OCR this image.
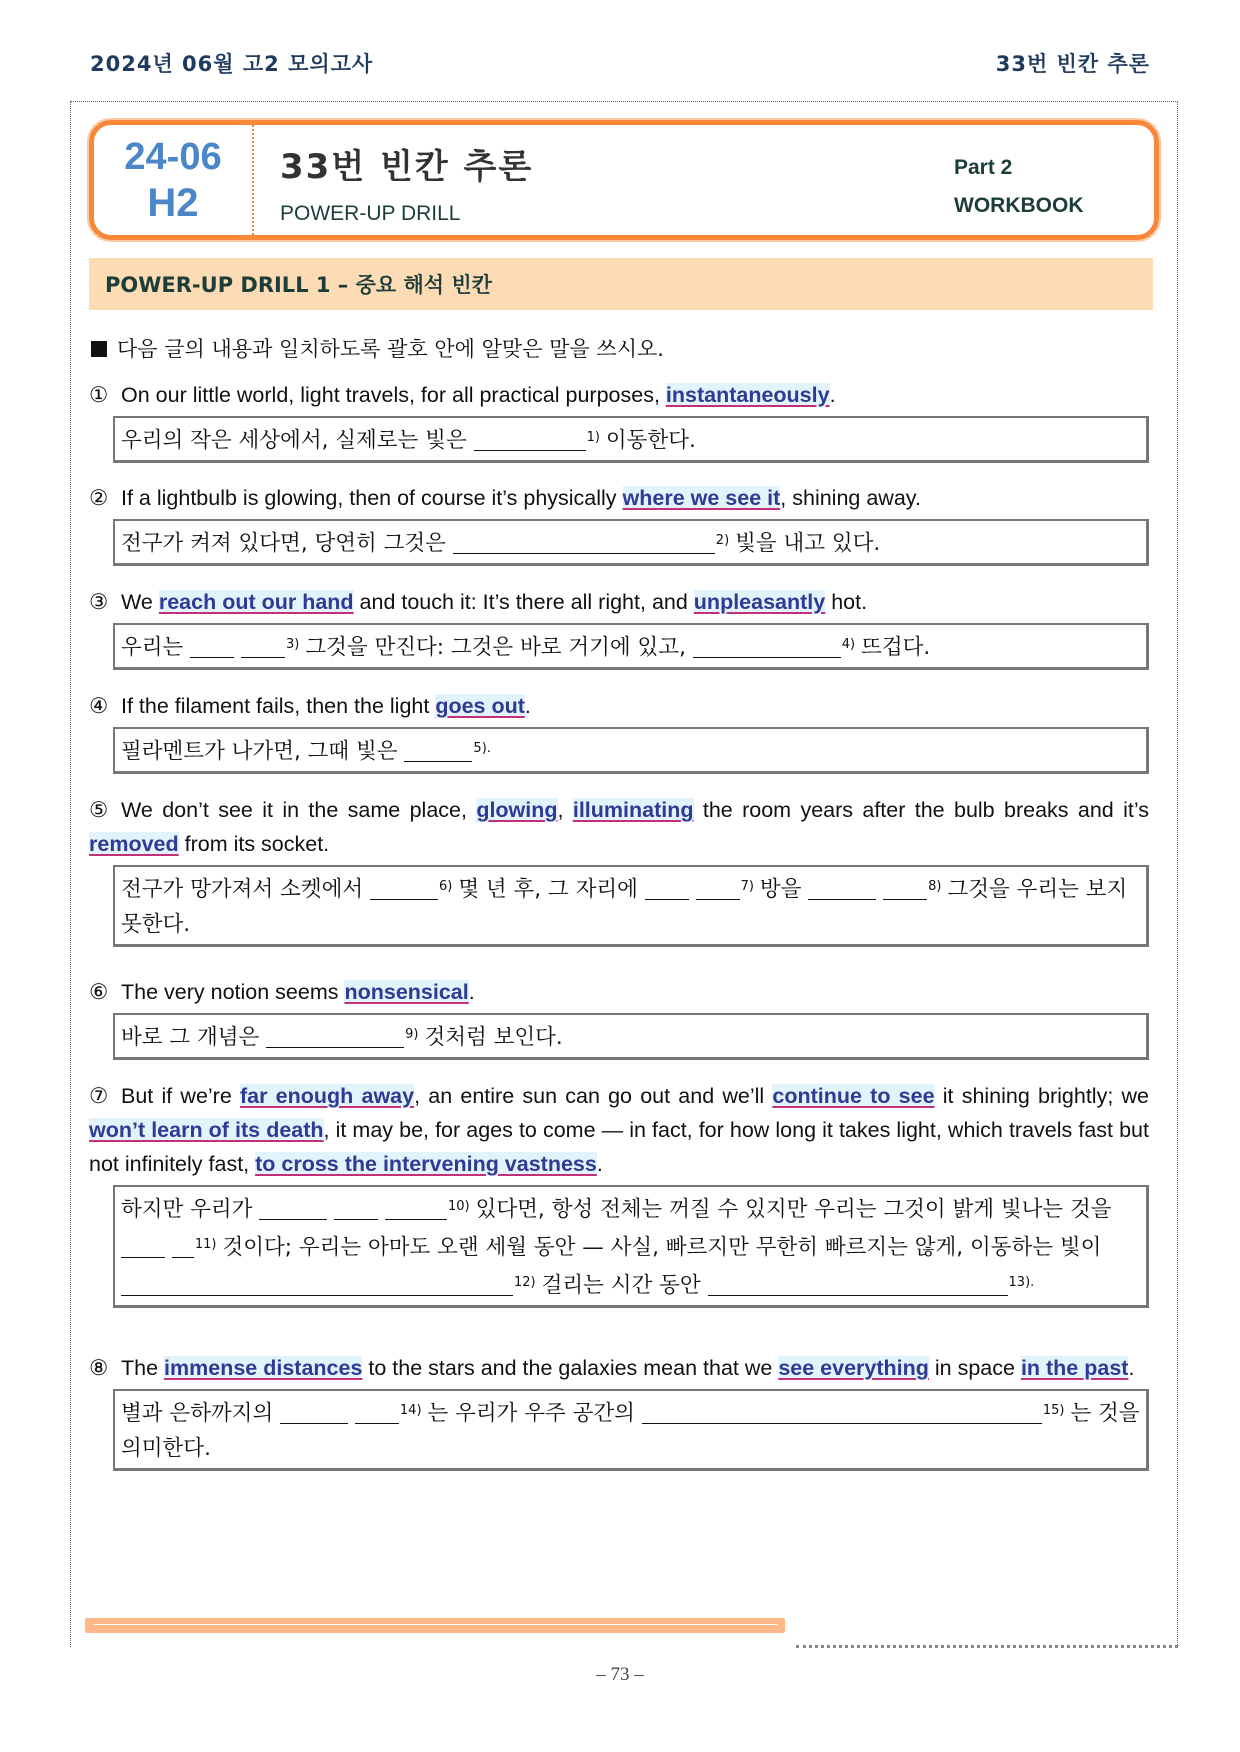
2024년 06월 고2 모의고사	33번 빈칸 추론
24-06
H2
33번 빈칸 추론
POWER-UP DRILL
Part 2
WORKBOOK
POWER-UP DRILL 1 – 중요 해석 빈칸
다음 글의 내용과 일치하도록 괄호 안에 알맞은 말을 쓰시오.
① On our little world, light travels, for all practical purposes, instantaneously.
우리의 작은 세상에서, 실제로는 빛은	$^{1)}$ 이동한다.
② If a lightbulb is glowing, then of course it’s physically where we see it, shining away.
전구가 켜져 있다면, 당연히 그것은	$^{2)}$ 빛을 내고 있다.
③ We reach out our hand and touch it: It’s there all right, and unpleasantly hot.
우리는	$^{3)}$ 그것을 만진다: 그것은 바로 거기에 있고,	$^{4)}$ 뜨겁다.
④ If the filament fails, then the light goes out.
필라멘트가 나가면, 그때 빛은	$^{5).}$
⑤ We don’t see it in the same place, glowing, illuminating the room years after the bulb breaks and it’s removed from its socket.
전구가 망가져서 소켓에서	$^{6)}$ 몇 년 후, 그 자리에	$^{7)}$ 방을	$^{8)}$ 그것을 우리는 보지 못한다.
⑥ The very notion seems nonsensical.
바로 그 개념은	$^{9)}$ 것처럼 보인다.
⑦ But if we’re far enough away, an entire sun can go out and we’ll continue to see it shining brightly; we won’t learn of its death, it may be, for ages to come — in fact, for how long it takes light, which travels fast but not infinitely fast, to cross the intervening vastness.
하지만 우리가	$^{10)}$ 있다면, 항성 전체는 꺼질 수 있지만 우리는 그것이 밝게 빛나는 것을  $^{11)}$ 것이다; 우리는 아마도 오랜 세월 동안 — 사실, 빠르지만 무한히 빠르지는 않게, 이동하는 빛이 $^{12)}$ 걸리는 시간 동안	$^{13).}$
⑧ The immense distances to the stars and the galaxies mean that we see everything in space in the past.
별과 은하까지의	$^{14)}$ 는 우리가 우주 공간의	$^{15)}$ 는 것을 의미한다.
– 73 –
